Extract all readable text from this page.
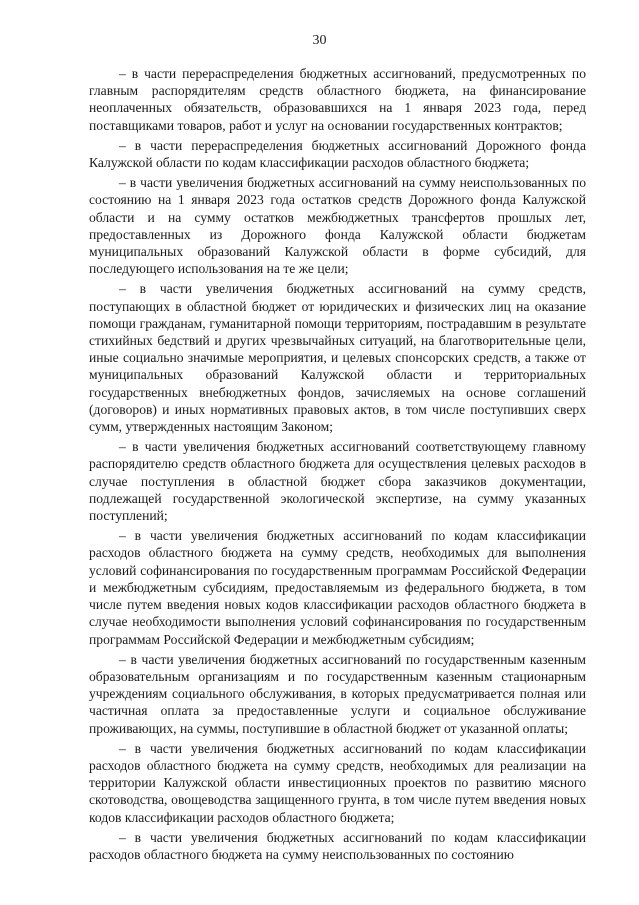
30

– в части перераспределения бюджетных ассигнований, предусмотренных по главным распорядителям средств областного бюджета, на финансирование неоплаченных обязательств, образовавшихся на 1 января 2023 года, перед поставщиками товаров, работ и услуг на основании государственных контрактов;

– в части перераспределения бюджетных ассигнований Дорожного фонда Калужской области по кодам классификации расходов областного бюджета;

– в части увеличения бюджетных ассигнований на сумму неиспользованных по состоянию на 1 января 2023 года остатков средств Дорожного фонда Калужской области и на сумму остатков межбюджетных трансфертов прошлых лет, предоставленных из Дорожного фонда Калужской области бюджетам муниципальных образований Калужской области в форме субсидий, для последующего использования на те же цели;

– в части увеличения бюджетных ассигнований на сумму средств, поступающих в областной бюджет от юридических и физических лиц на оказание помощи гражданам, гуманитарной помощи территориям, пострадавшим в результате стихийных бедствий и других чрезвычайных ситуаций, на благотворительные цели, иные социально значимые мероприятия, и целевых спонсорских средств, а также от муниципальных образований Калужской области и территориальных государственных внебюджетных фондов, зачисляемых на основе соглашений (договоров) и иных нормативных правовых актов, в том числе поступивших сверх сумм, утвержденных настоящим Законом;

– в части увеличения бюджетных ассигнований соответствующему главному распорядителю средств областного бюджета для осуществления целевых расходов в случае поступления в областной бюджет сбора заказчиков документации, подлежащей государственной экологической экспертизе, на сумму указанных поступлений;

– в части увеличения бюджетных ассигнований по кодам классификации расходов областного бюджета на сумму средств, необходимых для выполнения условий софинансирования по государственным программам Российской Федерации и межбюджетным субсидиям, предоставляемым из федерального бюджета, в том числе путем введения новых кодов классификации расходов областного бюджета в случае необходимости выполнения условий софинансирования по государственным программам Российской Федерации и межбюджетным субсидиям;

– в части увеличения бюджетных ассигнований по государственным казенным образовательным организациям и по государственным казенным стационарным учреждениям социального обслуживания, в которых предусматривается полная или частичная оплата за предоставленные услуги и социальное обслуживание проживающих, на суммы, поступившие в областной бюджет от указанной оплаты;

– в части увеличения бюджетных ассигнований по кодам классификации расходов областного бюджета на сумму средств, необходимых для реализации на территории Калужской области инвестиционных проектов по развитию мясного скотоводства, овощеводства защищенного грунта, в том числе путем введения новых кодов классификации расходов областного бюджета;

– в части увеличения бюджетных ассигнований по кодам классификации расходов областного бюджета на сумму неиспользованных по состоянию
